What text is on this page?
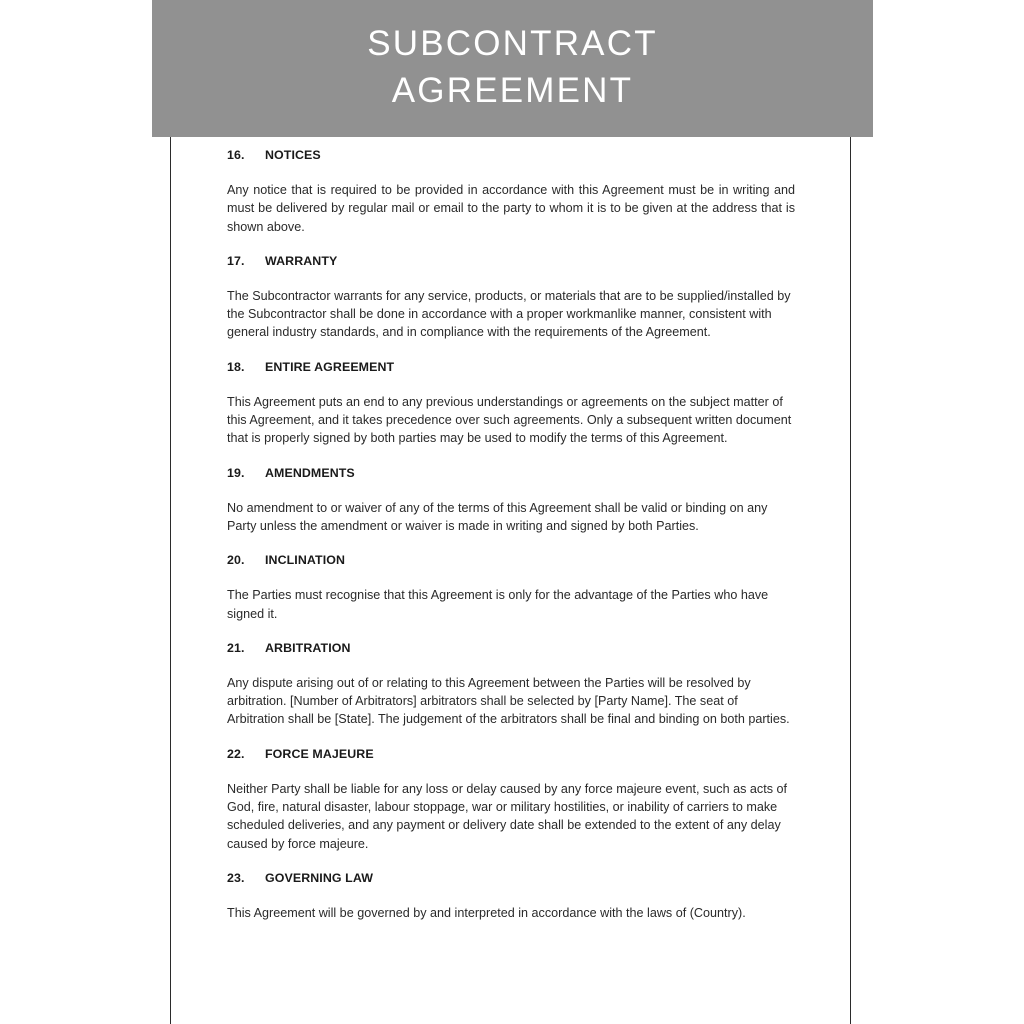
16.	NOTICES

Any notice that is required to be provided in accordance with this Agreement must be in writing and must be delivered by regular mail or email to the party to whom it is to be given at the address that is shown above.

17.	WARRANTY

The Subcontractor warrants for any service, products, or materials that are to be supplied/installed by the Subcontractor shall be done in accordance with a proper workmanlike manner, consistent with general industry standards, and in compliance with the requirements of the Agreement.

18.	ENTIRE AGREEMENT

This Agreement puts an end to any previous understandings or agreements on the subject matter of this Agreement, and it takes precedence over such agreements. Only a subsequent written document that is properly signed by both parties may be used to modify the terms of this Agreement.

19.	AMENDMENTS

No amendment to or waiver of any of the terms of this Agreement shall be valid or binding on any Party unless the amendment or waiver is made in writing and signed by both Parties.

20.	INCLINATION

The Parties must recognise that this Agreement is only for the advantage of the Parties who have signed it.

21.	ARBITRATION

Any dispute arising out of or relating to this Agreement between the Parties will be resolved by arbitration. [Number of Arbitrators] arbitrators shall be selected by [Party Name]. The seat of Arbitration shall be [State]. The judgement of the arbitrators shall be final and binding on both parties.

22.	FORCE MAJEURE

Neither Party shall be liable for any loss or delay caused by any force majeure event, such as acts of God, fire, natural disaster, labour stoppage, war or military hostilities, or inability of carriers to make scheduled deliveries, and any payment or delivery date shall be extended to the extent of any delay caused by force majeure.

23.	GOVERNING LAW

This Agreement will be governed by and interpreted in accordance with the laws of (Country).

SUBCONTRACT
AGREEMENT
